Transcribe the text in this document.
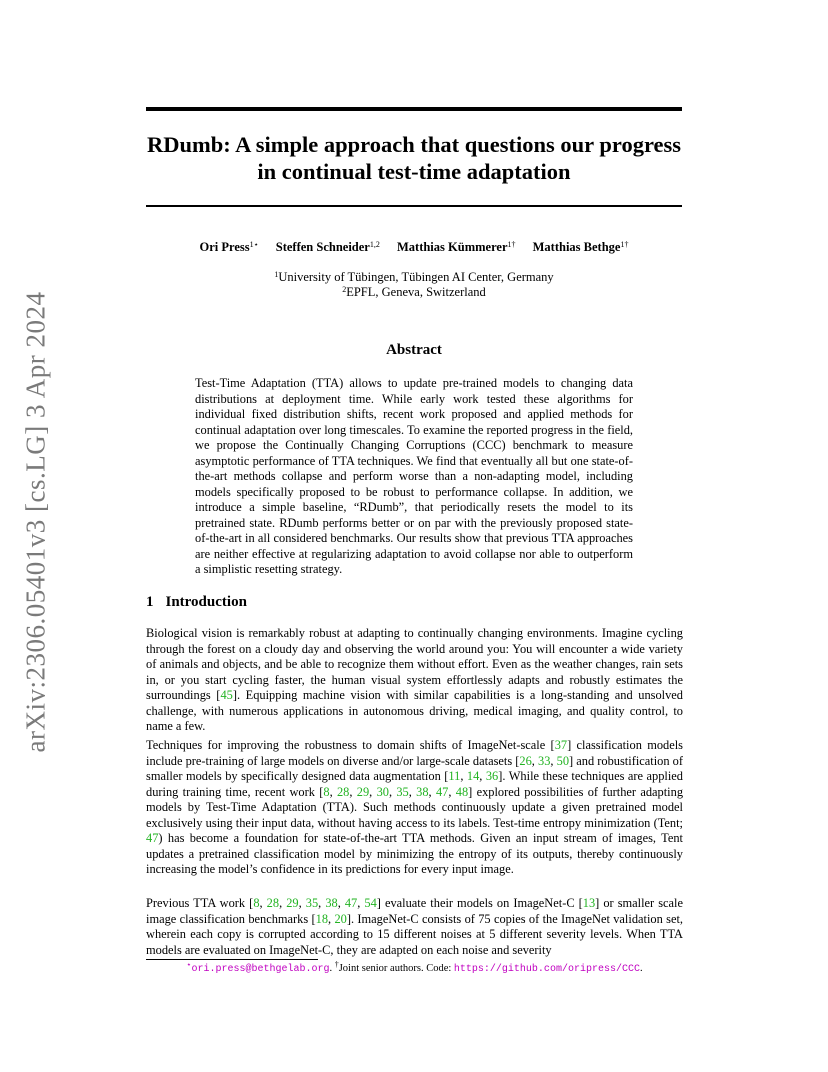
arXiv:2306.05401v3 [cs.LG] 3 Apr 2024
RDumb: A simple approach that questions our progress in continual test-time adaptation
Ori Press$^{1⋆}$ Steffen Schneider$^{1,2}$ Matthias Kümmerer$^{1\dagger}$ Matthias Bethge$^{1\dagger}$
$^1$University of Tübingen, Tübingen AI Center, Germany
$^2$EPFL, Geneva, Switzerland
Abstract
Test-Time Adaptation (TTA) allows to update pre-trained models to changing data distributions at deployment time. While early work tested these algorithms for individual fixed distribution shifts, recent work proposed and applied methods for continual adaptation over long timescales. To examine the reported progress in the field, we propose the Continually Changing Corruptions (CCC) benchmark to measure asymptotic performance of TTA techniques. We find that eventually all but one state-of-the-art methods collapse and perform worse than a non-adapting model, including models specifically proposed to be robust to performance collapse. In addition, we introduce a simple baseline, “RDumb”, that periodically resets the model to its pretrained state. RDumb performs better or on par with the previously proposed state-of-the-art in all considered benchmarks. Our results show that previous TTA approaches are neither effective at regularizing adaptation to avoid collapse nor able to outperform a simplistic resetting strategy.
1 Introduction
Biological vision is remarkably robust at adapting to continually changing environments. Imagine cycling through the forest on a cloudy day and observing the world around you: You will encounter a wide variety of animals and objects, and be able to recognize them without effort. Even as the weather changes, rain sets in, or you start cycling faster, the human visual system effortlessly adapts and robustly estimates the surroundings [45]. Equipping machine vision with similar capabilities is a long-standing and unsolved challenge, with numerous applications in autonomous driving, medical imaging, and quality control, to name a few.
Techniques for improving the robustness to domain shifts of ImageNet-scale [37] classification models include pre-training of large models on diverse and/or large-scale datasets [26, 33, 50] and robustification of smaller models by specifically designed data augmentation [11, 14, 36]. While these techniques are applied during training time, recent work [8, 28, 29, 30, 35, 38, 47, 48] explored possibilities of further adapting models by Test-Time Adaptation (TTA). Such methods continuously update a given pretrained model exclusively using their input data, without having access to its labels. Test-time entropy minimization (Tent; 47) has become a foundation for state-of-the-art TTA methods. Given an input stream of images, Tent updates a pretrained classification model by minimizing the entropy of its outputs, thereby continuously increasing the model’s confidence in its predictions for every input image.
Previous TTA work [8, 28, 29, 35, 38, 47, 54] evaluate their models on ImageNet-C [13] or smaller scale image classification benchmarks [18, 20]. ImageNet-C consists of 75 copies of the ImageNet validation set, wherein each copy is corrupted according to 15 different noises at 5 different severity levels. When TTA models are evaluated on ImageNet-C, they are adapted on each noise and severity
⋆ori.press@bethgelab.org. †Joint senior authors. Code: https://github.com/oripress/CCC.
